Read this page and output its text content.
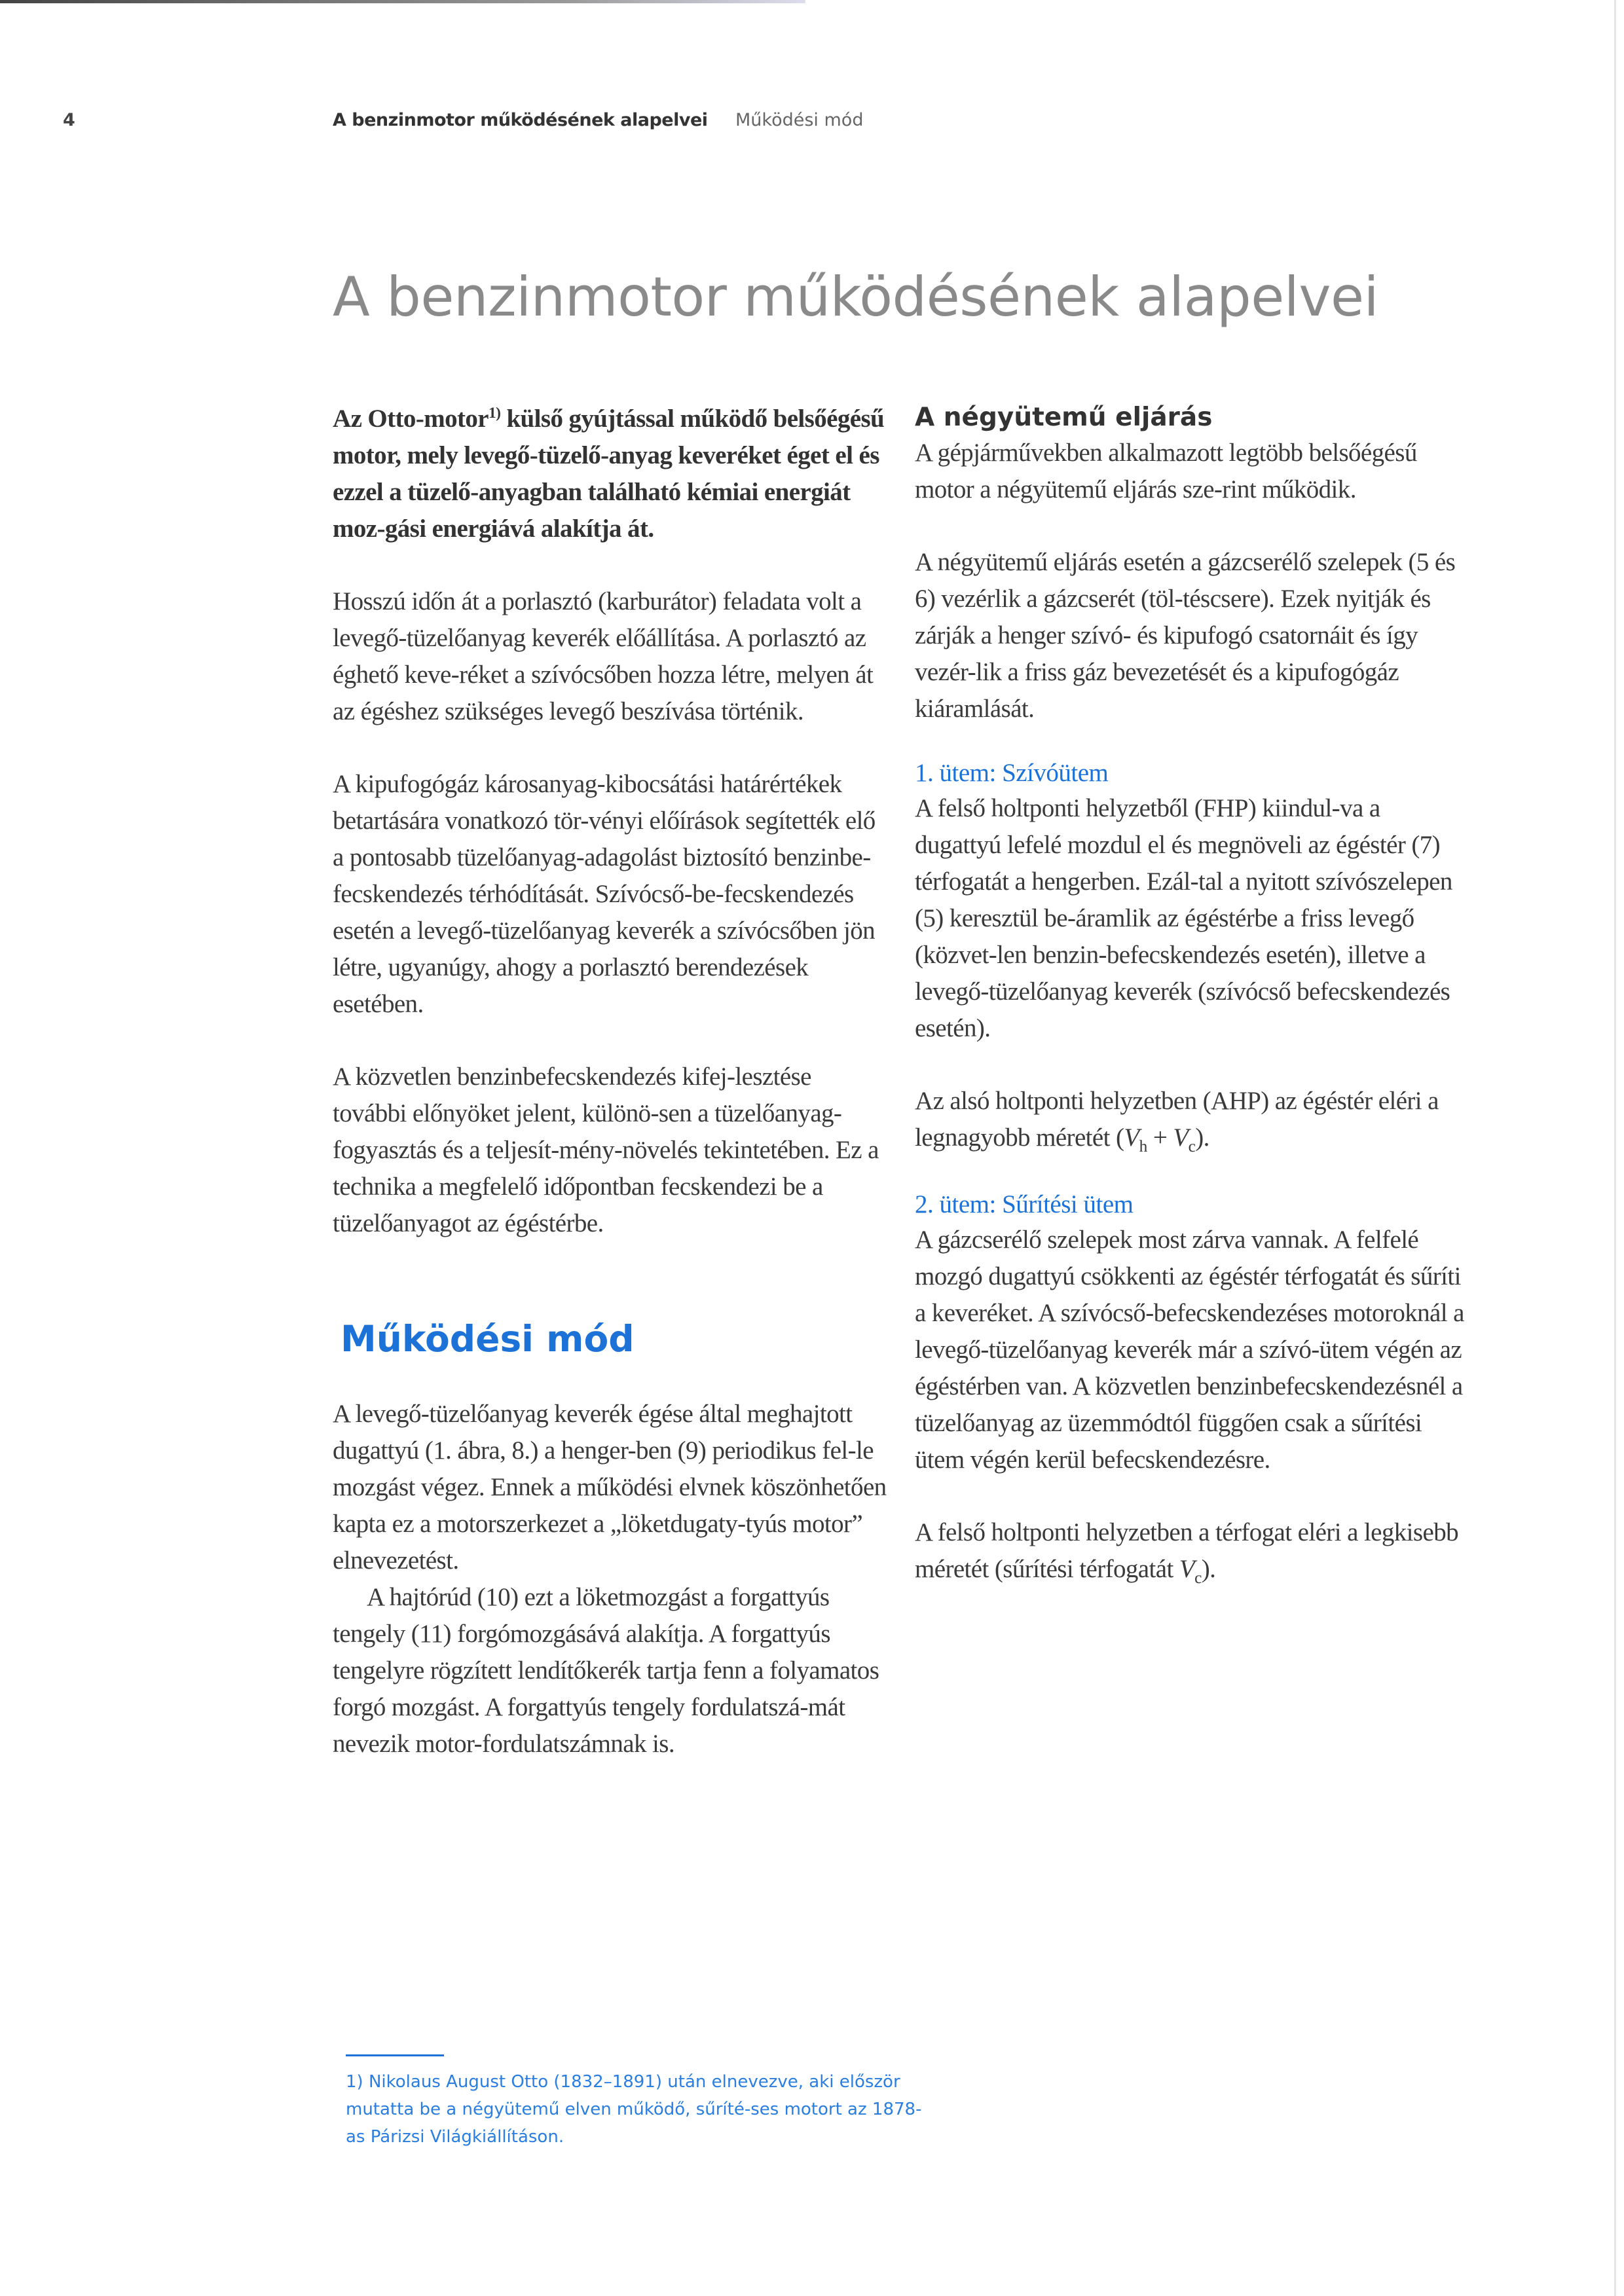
4	A benzinmotor működésének alapelvei Működési mód
A benzinmotor működésének alapelvei

Az Otto-motor$^{1)}$ külső gyújtással működő belsőégésű motor, mely levegő-tüzelő-anyag keveréket éget el és ezzel a tüzelő-anyagban található kémiai energiát moz-gási energiává alakítja át.

Hosszú időn át a porlasztó (karburátor) feladata volt a levegő-tüzelőanyag keverék előállítása. A porlasztó az éghető keve-réket a szívócsőben hozza létre, melyen át az égéshez szükséges levegő beszívása történik.

A kipufogógáz károsanyag-kibocsátási határértékek betartására vonatkozó tör-vényi előírások segítették elő a pontosabb tüzelőanyag-adagolást biztosító benzinbe-fecskendezés térhódítását. Szívócső-be-fecskendezés esetén a levegő-tüzelőanyag keverék a szívócsőben jön létre, ugyanúgy, ahogy a porlasztó berendezések esetében.

A közvetlen benzinbefecskendezés kifej-lesztése további előnyöket jelent, különö-sen a tüzelőanyag-fogyasztás és a teljesít-mény-növelés tekintetében. Ez a technika a megfelelő időpontban fecskendezi be a tüzelőanyagot az égéstérbe.

Működési mód

A levegő-tüzelőanyag keverék égése által meghajtott dugattyú (1. ábra, 8.) a henger-ben (9) periodikus fel-le mozgást végez. Ennek a működési elvnek köszönhetően kapta ez a motorszerkezet a „löketdugaty-tyús motor” elnevezetést.

A hajtórúd (10) ezt a löketmozgást a forgattyús tengely (11) forgómozgásává alakítja. A forgattyús tengelyre rögzített lendítőkerék tartja fenn a folyamatos forgó mozgást. A forgattyús tengely fordulatszá-mát nevezik motor-fordulatszámnak is.

A négyütemű eljárás

A gépjárművekben alkalmazott legtöbb belsőégésű motor a négyütemű eljárás sze-rint működik.

A négyütemű eljárás esetén a gázcserélő szelepek (5 és 6) vezérlik a gázcserét (töl-téscsere). Ezek nyitják és zárják a henger szívó- és kipufogó csatornáit és így vezér-lik a friss gáz bevezetését és a kipufogógáz kiáramlását.

1. ütem: Szívóütem

A felső holtponti helyzetből (FHP) kiindul-va a dugattyú lefelé mozdul el és megnöveli az égéstér (7) térfogatát a hengerben. Ezál-tal a nyitott szívószelepen (5) keresztül be-áramlik az égéstérbe a friss levegő (közvet-len benzin-befecskendezés esetén), illetve a levegő-tüzelőanyag keverék (szívócső befecskendezés esetén).

Az alsó holtponti helyzetben (AHP) az égéstér eléri a legnagyobb méretét $(V_h + V_c)$.

2. ütem: Sűrítési ütem

A gázcserélő szelepek most zárva vannak. A felfelé mozgó dugattyú csökkenti az égéstér térfogatát és sűríti a keveréket. A szívócső-befecskendezéses motoroknál a levegő-tüzelőanyag keverék már a szívó-ütem végén az égéstérben van. A közvetlen benzinbefecskendezésnél a tüzelőanyag az üzemmódtól függően csak a sűrítési ütem végén kerül befecskendezésre.

A felső holtponti helyzetben a térfogat eléri a legkisebb méretét (sűrítési térfogatát $V_c$).

1) Nikolaus August Otto (1832–1891) után elnevezve, aki először mutatta be a négyütemű elven működő, sűríté-ses motort az 1878-as Párizsi Világkiállításon.
